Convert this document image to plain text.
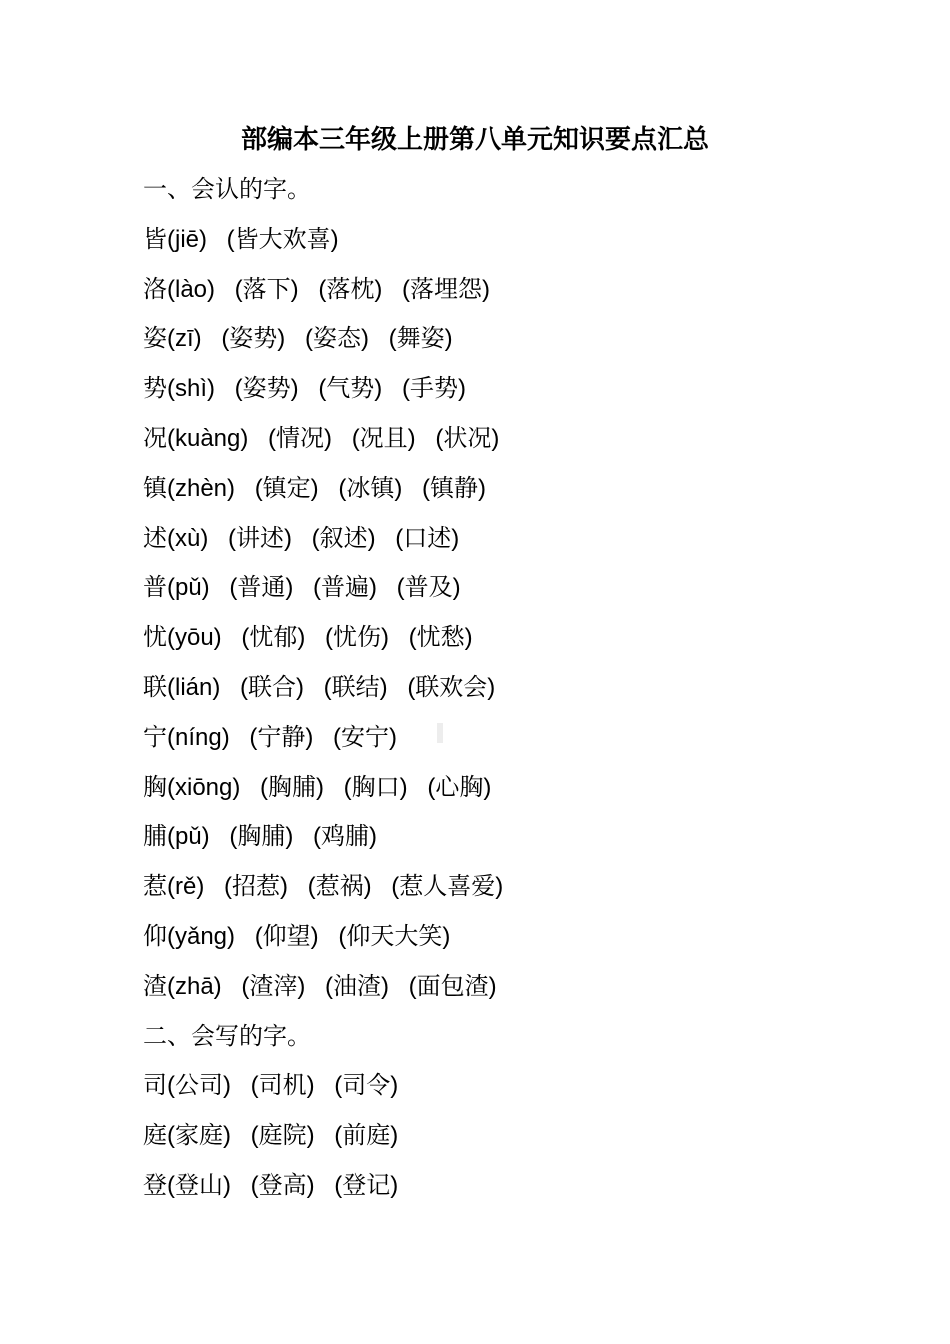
部编本三年级上册第八单元知识要点汇总

一、会认的字。

皆(jiē) (皆大欢喜)

洛(lào) (落下) (落枕) (落埋怨)

姿(zī) (姿势) (姿态) (舞姿)

势(shì) (姿势) (气势) (手势)

况(kuàng) (情况) (况且) (状况)

镇(zhèn) (镇定) (冰镇) (镇静)

述(xù) (讲述) (叙述) (口述)

普(pǔ) (普通) (普遍) (普及)

忧(yōu) (忧郁) (忧伤) (忧愁)

联(lián) (联合) (联结) (联欢会)

宁(níng) (宁静) (安宁)

胸(xiōng) (胸脯) (胸口) (心胸)

脯(pǔ) (胸脯) (鸡脯)

惹(rě) (招惹) (惹祸) (惹人喜爱)

仰(yǎng) (仰望) (仰天大笑)

渣(zhā) (渣滓) (油渣) (面包渣)

二、会写的字。

司(公司) (司机) (司令)

庭(家庭) (庭院) (前庭)

登(登山) (登高) (登记)
